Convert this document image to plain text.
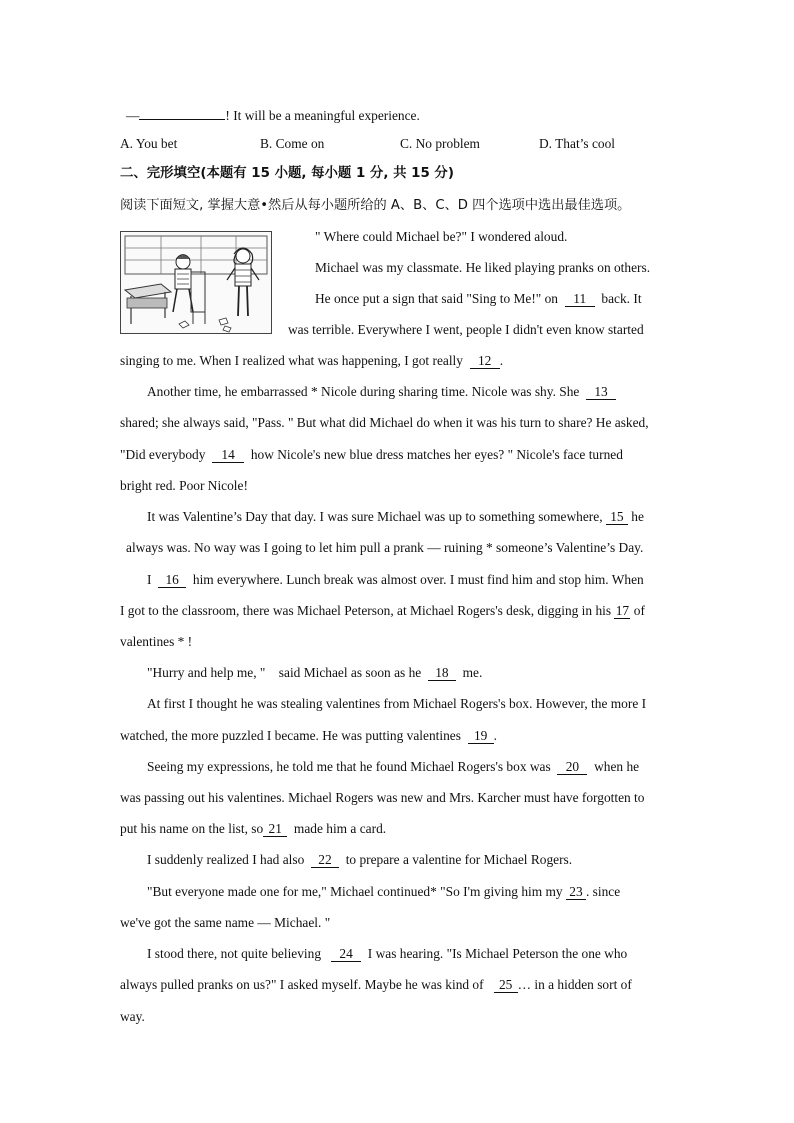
—	! It will be a meaningful experience.
A. You bet	B. Come on	C. No problem	D. That’s cool
二、完形填空(本题有 15 小题, 每小题 1 分, 共 15 分)
阅读下面短文, 掌握大意•然后从每小题所给的 A、B、C、D 四个选项中选出最佳选项。
" Where could Michael be?" I wondered aloud.
Michael was my classmate. He liked playing pranks on others.
He once put a sign that said "Sing to Me!" on 11 back. It
was terrible. Everywhere I went, people I didn't even know started
singing to me. When I realized what was happening, I got really 12 .
Another time, he embarrassed * Nicole during sharing time. Nicole was shy. She 13
shared; she always said, "Pass. " But what did Michael do when it was his turn to share? He asked,
"Did everybody 14 how Nicole's new blue dress matches her eyes? " Nicole's face turned
bright red. Poor Nicole!
It was Valentine’s Day that day. I was sure Michael was up to something somewhere, 15 he
always was. No way was I going to let him pull a prank — ruining * someone’s Valentine’s Day.
I 16 him everywhere. Lunch break was almost over. I must find him and stop him. When
I got to the classroom, there was Michael Peterson, at Michael Rogers's desk, digging in his 17 of
valentines * !
"Hurry and help me, " said Michael as soon as he 18 me.
At first I thought he was stealing valentines from Michael Rogers's box. However, the more I
watched, the more puzzled I became. He was putting valentines 19 .
Seeing my expressions, he told me that he found Michael Rogers's box was 20 when he
was passing out his valentines. Michael Rogers was new and Mrs. Karcher must have forgotten to
put his name on the list, so 21 made him a card.
I suddenly realized I had also 22 to prepare a valentine for Michael Rogers.
"But everyone made one for me," Michael continued* "So I'm giving him my 23 . since
we've got the same name — Michael. "
I stood there, not quite believing 24 I was hearing. "Is Michael Peterson the one who
always pulled pranks on us?" I asked myself. Maybe he was kind of 25 … in a hidden sort of
way.
